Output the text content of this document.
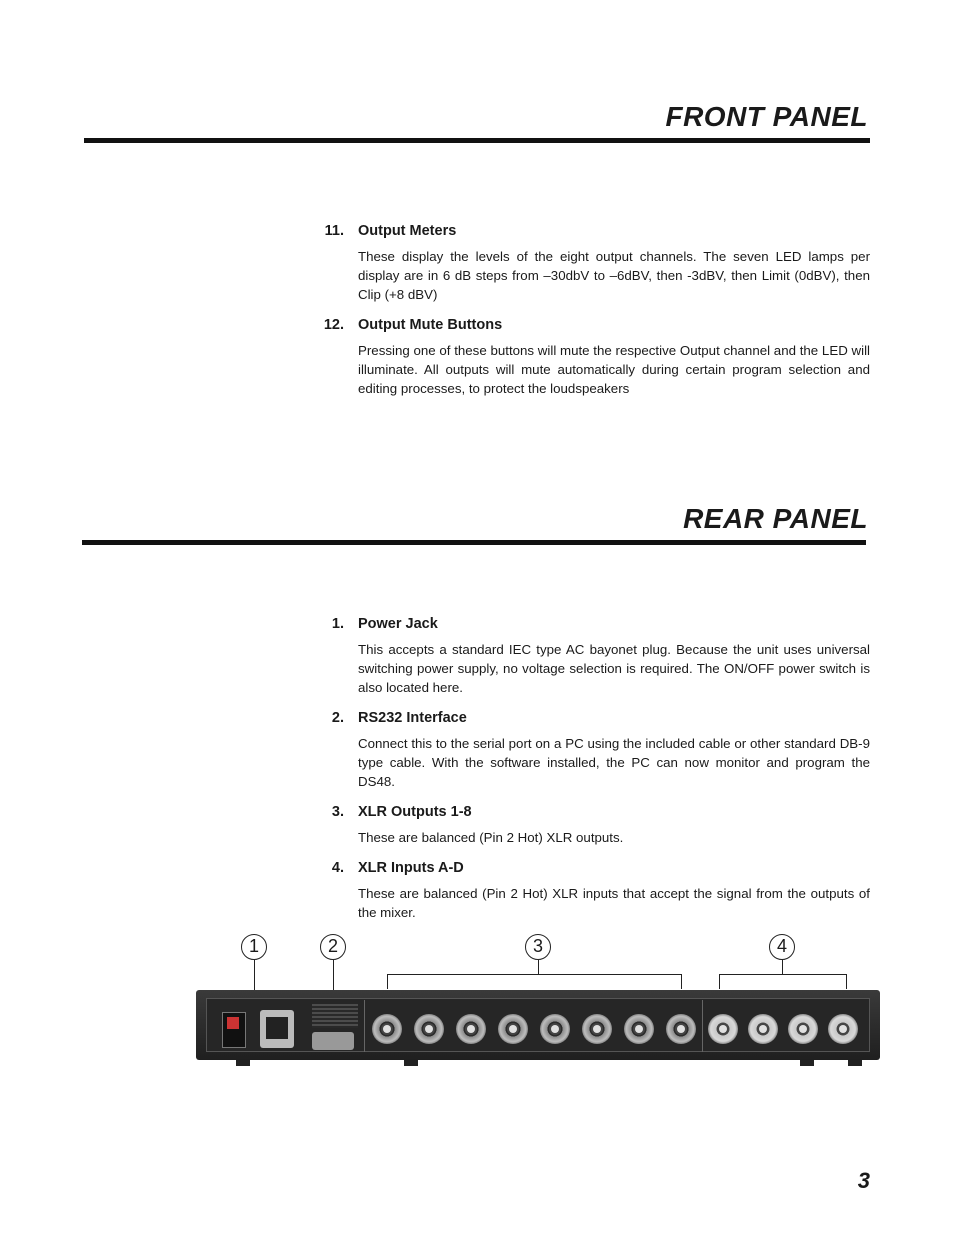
FRONT PANEL
11. Output Meters
These display the levels of the eight output channels. The seven LED lamps per display are in 6 dB steps from –30dbV to –6dBV, then -3dBV, then Limit (0dBV), then Clip (+8 dBV)
12. Output Mute Buttons
Pressing one of these buttons will mute the respective Output channel and the LED will illuminate. All outputs will mute automatically during certain program selection and editing processes, to protect the loudspeakers
REAR PANEL
1. Power Jack
This accepts a standard IEC type AC bayonet plug. Because the unit uses universal switching power supply, no voltage selection is required. The ON/OFF power switch is also located here.
2. RS232 Interface
Connect this to the serial port on a PC using the included cable or other standard DB-9 type cable. With the software installed, the PC can now monitor and program the DS48.
3. XLR Outputs 1-8
These are balanced (Pin 2 Hot) XLR outputs.
4. XLR Inputs A-D
These are balanced (Pin 2 Hot) XLR inputs that accept the signal from the outputs of the mixer.
1	2	3	4
3
